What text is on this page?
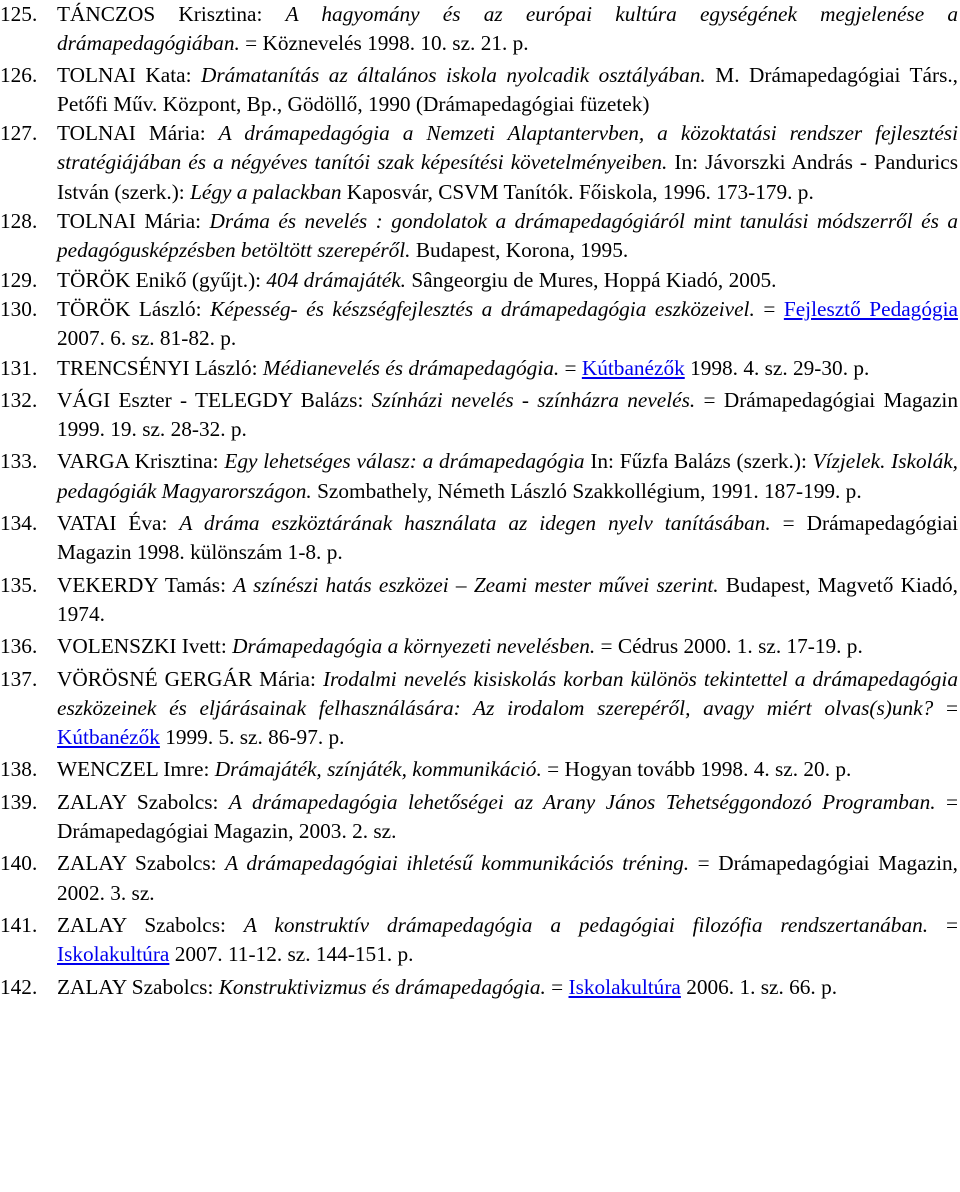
125. TÁNCZOS Krisztina: A hagyomány és az európai kultúra egységének megjelenése a drámapedagógiában. = Köznevelés 1998. 10. sz. 21. p.

126. TOLNAI Kata: Drámatanítás az általános iskola nyolcadik osztályában. M. Drámapedagógiai Társ., Petőfi Műv. Központ, Bp., Gödöllő, 1990 (Drámapedagógiai füzetek)

127. TOLNAI Mária: A drámapedagógia a Nemzeti Alaptantervben, a közoktatási rendszer fejlesztési stratégiájában és a négyéves tanítói szak képesítési követelményeiben. In: Jávorszki András - Pandurics István (szerk.): Légy a palackban Kaposvár, CSVM Tanítók. Főiskola, 1996. 173-179. p.

128. TOLNAI Mária: Dráma és nevelés : gondolatok a drámapedagógiáról mint tanulási módszerről és a pedagógusképzésben betöltött szerepéről. Budapest, Korona, 1995.

129. TÖRÖK Enikő (gyűjt.): 404 drámajáték. Sângeorgiu de Mures, Hoppá Kiadó, 2005.

130. TÖRÖK László: Képesség- és készségfejlesztés a drámapedagógia eszközeivel. = Fejlesztő Pedagógia 2007. 6. sz. 81-82. p.

131. TRENCSÉNYI László: Médianevelés és drámapedagógia. = Kútbanézők 1998. 4. sz. 29-30. p.

132. VÁGI Eszter - TELEGDY Balázs: Színházi nevelés - színházra nevelés. = Drámapedagógiai Magazin 1999. 19. sz. 28-32. p.

133. VARGA Krisztina: Egy lehetséges válasz: a drámapedagógia In: Fűzfa Balázs (szerk.): Vízjelek. Iskolák, pedagógiák Magyarországon. Szombathely, Németh László Szakkollégium, 1991. 187-199. p.

134. VATAI Éva: A dráma eszköztárának használata az idegen nyelv tanításában. = Drámapedagógiai Magazin 1998. különszám 1-8. p.

135. VEKERDY Tamás: A színészi hatás eszközei – Zeami mester művei szerint. Budapest, Magvető Kiadó, 1974.

136. VOLENSZKI Ivett: Drámapedagógia a környezeti nevelésben. = Cédrus 2000. 1. sz. 17-19. p.

137. VÖRÖSNÉ GERGÁR Mária: Irodalmi nevelés kisiskolás korban különös tekintettel a drámapedagógia eszközeinek és eljárásainak felhasználására: Az irodalom szerepéről, avagy miért olvas(s)unk? = Kútbanézők 1999. 5. sz. 86-97. p.

138. WENCZEL Imre: Drámajáték, színjáték, kommunikáció. = Hogyan tovább 1998. 4. sz. 20. p.

139. ZALAY Szabolcs: A drámapedagógia lehetőségei az Arany János Tehetséggondozó Programban. = Drámapedagógiai Magazin, 2003. 2. sz.

140. ZALAY Szabolcs: A drámapedagógiai ihletésű kommunikációs tréning. = Drámapedagógiai Magazin, 2002. 3. sz.

141. ZALAY Szabolcs: A konstruktív drámapedagógia a pedagógiai filozófia rendszertanában. = Iskolakultúra 2007. 11-12. sz. 144-151. p.

142. ZALAY Szabolcs: Konstruktivizmus és drámapedagógia. = Iskolakultúra 2006. 1. sz. 66. p.
